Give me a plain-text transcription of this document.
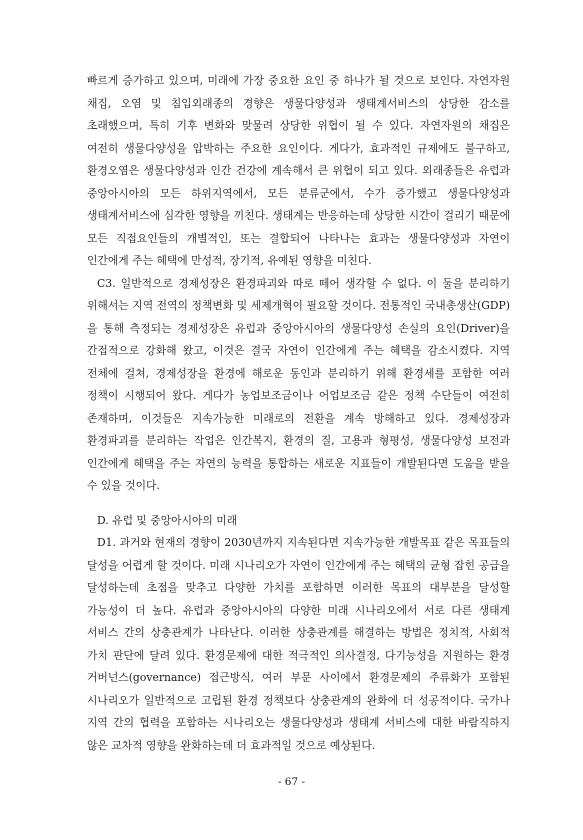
빠르게 증가하고 있으며, 미래에 가장 중요한 요인 중 하나가 될 것으로 보인다. 자연자원 채집, 오염 및 침입외래종의 경향은 생물다양성과 생태계서비스의 상당한 감소를 초래했으며, 특히 기후 변화와 맞물려 상당한 위협이 될 수 있다. 자연자원의 채집은 여전히 생물다양성을 압박하는 주요한 요인이다. 게다가, 효과적인 규제에도 불구하고, 환경오염은 생물다양성과 인간 건강에 계속해서 큰 위협이 되고 있다. 외래종들은 유럽과 중앙아시아의 모든 하위지역에서, 모든 분류군에서, 수가 증가했고 생물다양성과 생태계서비스에 심각한 영향을 끼친다. 생태계는 반응하는데 상당한 시간이 걸리기 때문에 모든 직접요인들의 개별적인, 또는 결합되어 나타나는 효과는 생물다양성과 자연이 인간에게 주는 혜택에 만성적, 장기적, 유예된 영향을 미친다.

C3. 일반적으로 경제성장은 환경파괴와 따로 떼어 생각할 수 없다. 이 둘을 분리하기 위해서는 지역 전역의 정책변화 및 세제개혁이 필요할 것이다. 전통적인 국내총생산(GDP)을 통해 측정되는 경제성장은 유럽과 중앙아시아의 생물다양성 손실의 요인(Driver)을 간접적으로 강화해 왔고, 이것은 결국 자연이 인간에게 주는 혜택을 감소시켰다. 지역 전체에 걸쳐, 경제성장을 환경에 해로운 동인과 분리하기 위해 환경세를 포함한 여러 정책이 시행되어 왔다. 게다가 농업보조금이나 어업보조금 같은 정책 수단들이 여전히 존재하며, 이것들은 지속가능한 미래로의 전환을 계속 방해하고 있다. 경제성장과 환경파괴를 분리하는 작업은 인간복지, 환경의 질, 고용과 형평성, 생물다양성 보전과 인간에게 혜택을 주는 자연의 능력을 통합하는 새로운 지표들이 개발된다면 도움을 받을 수 있을 것이다.

D. 유럽 및 중앙아시아의 미래

D1. 과거와 현재의 경향이 2030년까지 지속된다면 지속가능한 개발목표 같은 목표들의 달성을 어렵게 할 것이다. 미래 시나리오가 자연이 인간에게 주는 혜택의 균형 잡힌 공급을 달성하는데 초점을 맞추고 다양한 가치를 포함하면 이러한 목표의 대부분을 달성할 가능성이 더 높다. 유럽과 중앙아시아의 다양한 미래 시나리오에서 서로 다른 생태계 서비스 간의 상충관계가 나타난다. 이러한 상충관계를 해결하는 방법은 정치적, 사회적 가치 판단에 달려 있다. 환경문제에 대한 적극적인 의사결정, 다기능성을 지원하는 환경 거버넌스(governance) 접근방식, 여러 부문 사이에서 환경문제의 주류화가 포함된 시나리오가 일반적으로 고립된 환경 정책보다 상충관계의 완화에 더 성공적이다. 국가나 지역 간의 협력을 포함하는 시나리오는 생물다양성과 생태계 서비스에 대한 바람직하지 않은 교차적 영향을 완화하는데 더 효과적일 것으로 예상된다.

- 67 -
